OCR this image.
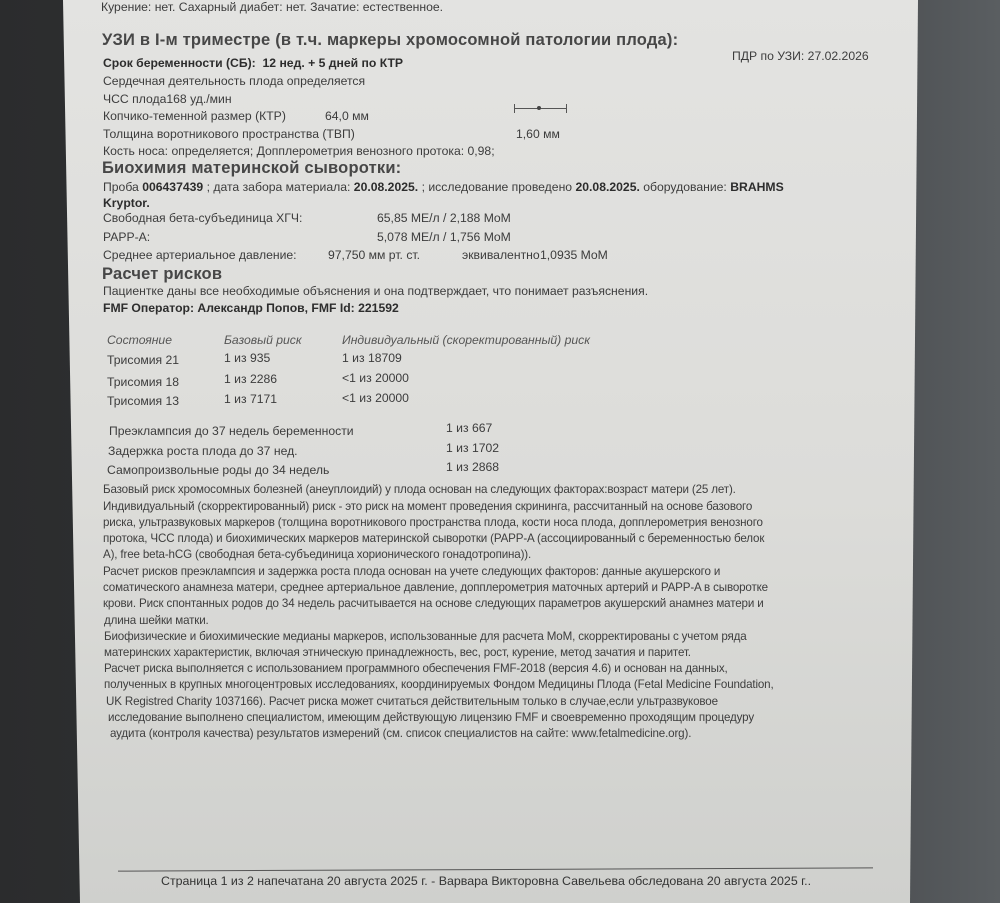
Курение: нет. Сахарный диабет: нет. Зачатие: естественное.
УЗИ в I-м триместре (в т.ч. маркеры хромосомной патологии плода):
ПДР по УЗИ: 27.02.2026
Срок беременности (СБ): 12 нед. + 5 дней по КТР
Сердечная деятельность плода определяется
ЧСС плода168 уд./мин
Копчико-теменной размер (КТР)	64,0 мм
Толщина воротникового пространства (ТВП)	1,60 мм
Кость носа: определяется; Допплерометрия венозного протока: 0,98;
Биохимия материнской сыворотки:
Проба 006437439 ; дата забора материала: 20.08.2025. ; исследование проведено 20.08.2025. оборудование: BRAHMS
Kryptor.
Свободная бета-субъединица ХГЧ:	65,85 МЕ/л / 2,188 MoM
PAPP-A:	5,078 МЕ/л / 1,756 MoM
Среднее артериальное давление:	97,750 мм рт. ст.	эквивалентно 1,0935 MoM
Расчет рисков
Пациентке даны все необходимые объяснения и она подтверждает, что понимает разъяснения.
FMF Оператор: Александр Попов, FMF Id: 221592
Состояние	Базовый риск	Индивидуальный (скоректированный) риск
Трисомия 21	1 из 935	1 из 18709
Трисомия 18	1 из 2286	<1 из 20000
Трисомия 13	1 из 7171	<1 из 20000
Преэклампсия до 37 недель беременности	1 из 667
Задержка роста плода до 37 нед.	1 из 1702
Самопроизвольные роды до 34 недель	1 из 2868
Базовый риск хромосомных болезней (анеуплоидий) у плода основан на следующих факторах:возраст матери (25 лет).
Индивидуальный (скорректированный) риск - это риск на момент проведения скрининга, рассчитанный на основе базового
риска, ультразвуковых маркеров (толщина воротникового пространства плода, кости носа плода, допплерометрия венозного
протока, ЧСС плода) и биохимических маркеров материнской сыворотки (PAPP-A (ассоциированный с беременностью белок
А), free beta-hCG (свободная бета-субъединица хорионического гонадотропина)).
Расчет рисков преэклампсия и задержка роста плода основан на учете следующих факторов: данные акушерского и
соматического анамнеза матери, среднее артериальное давление, допплерометрия маточных артерий и PAPP-A в сыворотке
крови. Риск спонтанных родов до 34 недель расчитывается на основе следующих параметров акушерский анамнез матери и
длина шейки матки.
Биофизические и биохимические медианы маркеров, использованные для расчета MoM, скорректированы с учетом ряда
материнских характеристик, включая этническую принадлежность, вес, рост, курение, метод зачатия и паритет.
Расчет риска выполняется с использованием программного обеспечения FMF-2018 (версия 4.6) и основан на данных,
полученных в крупных многоцентровых исследованиях, координируемых Фондом Медицины Плода (Fetal Medicine Foundation,
UK Registred Charity 1037166). Расчет риска может считаться действительным только в случае,если ультразвуковое
исследование выполнено специалистом, имеющим действующую лицензию FMF и своевременно проходящим процедуру
аудита (контроля качества) результатов измерений (см. список специалистов на сайте: www.fetalmedicine.org).
Страница 1 из 2 напечатана 20 августа 2025 г. - Варвара Викторовна Савельева обследована 20 августа 2025 г..
